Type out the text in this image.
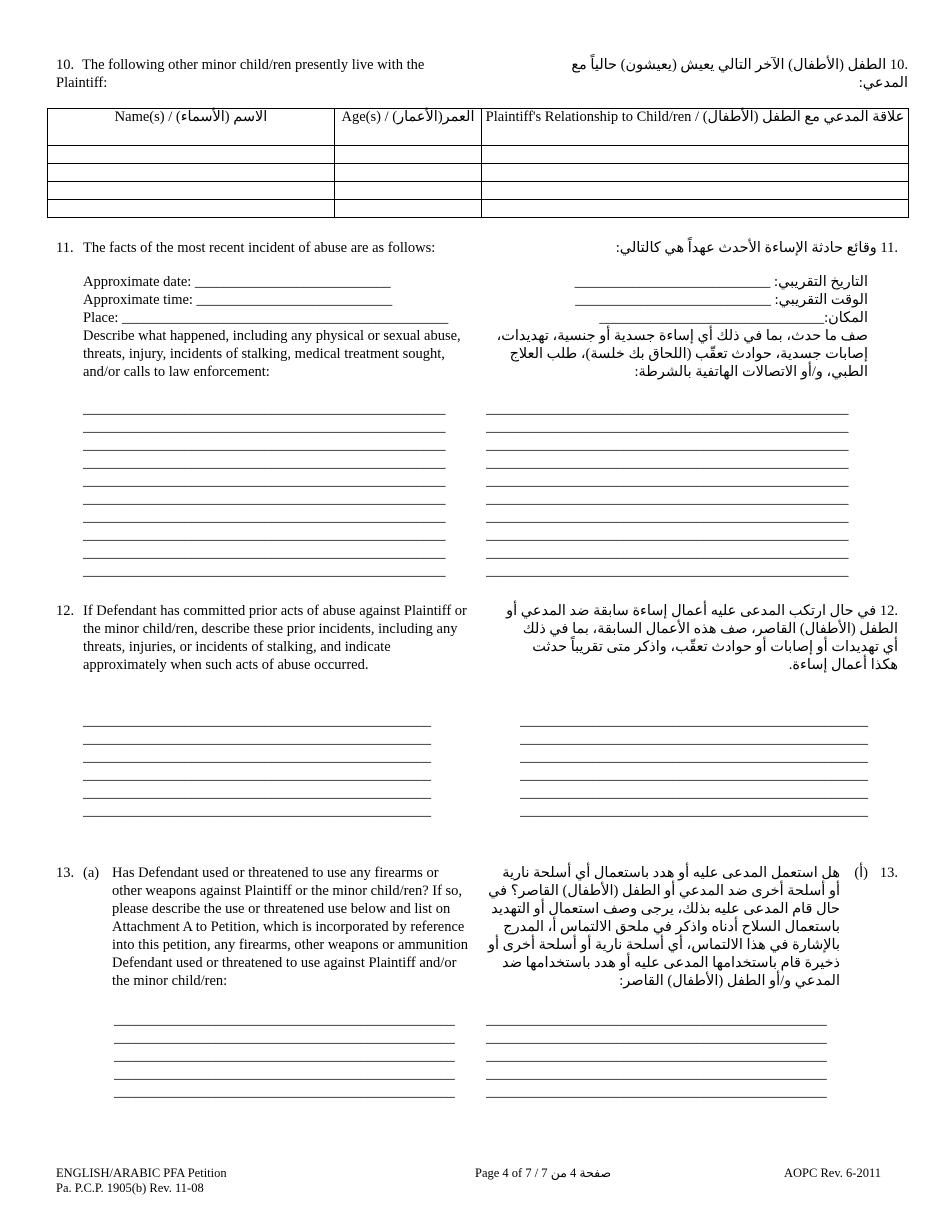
10. The following other minor child/ren presently live with the Plaintiff:
.10 الطفل (الأطفال) الآخر التالي يعيش (يعيشون) حالياً مع المدعي:
Name(s) / (الاسم (الأسماء	Age(s) / (العمر(الأعمار	Plaintiff's Relationship to Child/ren / علاقة المدعي مع الطفل (الأطفال)

11. The facts of the most recent incident of abuse are as follows:	.11 وقائع حادثة الإساءة الأحدث عهداً هي كالتالي:
Approximate date: ___________________________
Approximate time: ___________________________
Place: _____________________________________________
Describe what happened, including any physical or sexual abuse, threats, injury, incidents of stalking, medical treatment sought, and/or calls to law enforcement:
التاريخ التقريبي: ___________________________
الوقت التقريبي: ___________________________
المكان:_______________________________
صف ما حدث، بما في ذلك أي إساءة جسدية أو جنسية، تهديدات، إصابات جسدية، حوادث تعقّب (اللحاق بك خلسة)، طلب العلاج الطبي، و/أو الاتصالات الهاتفية بالشرطة:
__________________________________________________
__________________________________________________
__________________________________________________
__________________________________________________
__________________________________________________
__________________________________________________
__________________________________________________
__________________________________________________
__________________________________________________
__________________________________________________
__________________________________________________
__________________________________________________
__________________________________________________
__________________________________________________
__________________________________________________
__________________________________________________
__________________________________________________
__________________________________________________
__________________________________________________
__________________________________________________
12. If Defendant has committed prior acts of abuse against Plaintiff or the minor child/ren, describe these prior incidents, including any threats, injuries, or incidents of stalking, and indicate approximately when such acts of abuse occurred.
.12 في حال ارتكب المدعى عليه أعمال إساءة سابقة ضد المدعي أو الطفل (الأطفال) القاصر، صف هذه الأعمال السابقة، بما في ذلك أي تهديدات أو إصابات أو حوادث تعقّب، واذكر متى تقريباً حدثت هكذا أعمال إساءة.
________________________________________________
________________________________________________
________________________________________________
________________________________________________
________________________________________________
________________________________________________
________________________________________________
________________________________________________
________________________________________________
________________________________________________
________________________________________________
________________________________________________
13. (a) Has Defendant used or threatened to use any firearms or other weapons against Plaintiff or the minor child/ren? If so, please describe the use or threatened use below and list on Attachment A to Petition, which is incorporated by reference into this petition, any firearms, other weapons or ammunition Defendant used or threatened to use against Plaintiff and/or the minor child/ren:
.13
(أ)
هل استعمل المدعى عليه أو هدد باستعمال أي أسلحة نارية أو أسلحة أخرى ضد المدعي أو الطفل (الأطفال) القاصر؟ في حال قام المدعى عليه بذلك، يرجى وصف استعمال أو التهديد باستعمال السلاح أدناه واذكر في ملحق الالتماس أ، المدرج بالإشارة في هذا الالتماس، أي أسلحة نارية أو أسلحة أخرى أو ذخيرة قام باستخدامها المدعى عليه أو هدد باستخدامها ضد المدعي و/أو الطفل (الأطفال) القاصر:
_______________________________________________
_______________________________________________
_______________________________________________
_______________________________________________
_______________________________________________
_______________________________________________
_______________________________________________
_______________________________________________
_______________________________________________
_______________________________________________
ENGLISH/ARABIC PFA Petition
Pa. P.C.P. 1905(b) Rev. 11-08
Page 4 of 7 / 7 صفحة 4 من	AOPC Rev. 6-2011
